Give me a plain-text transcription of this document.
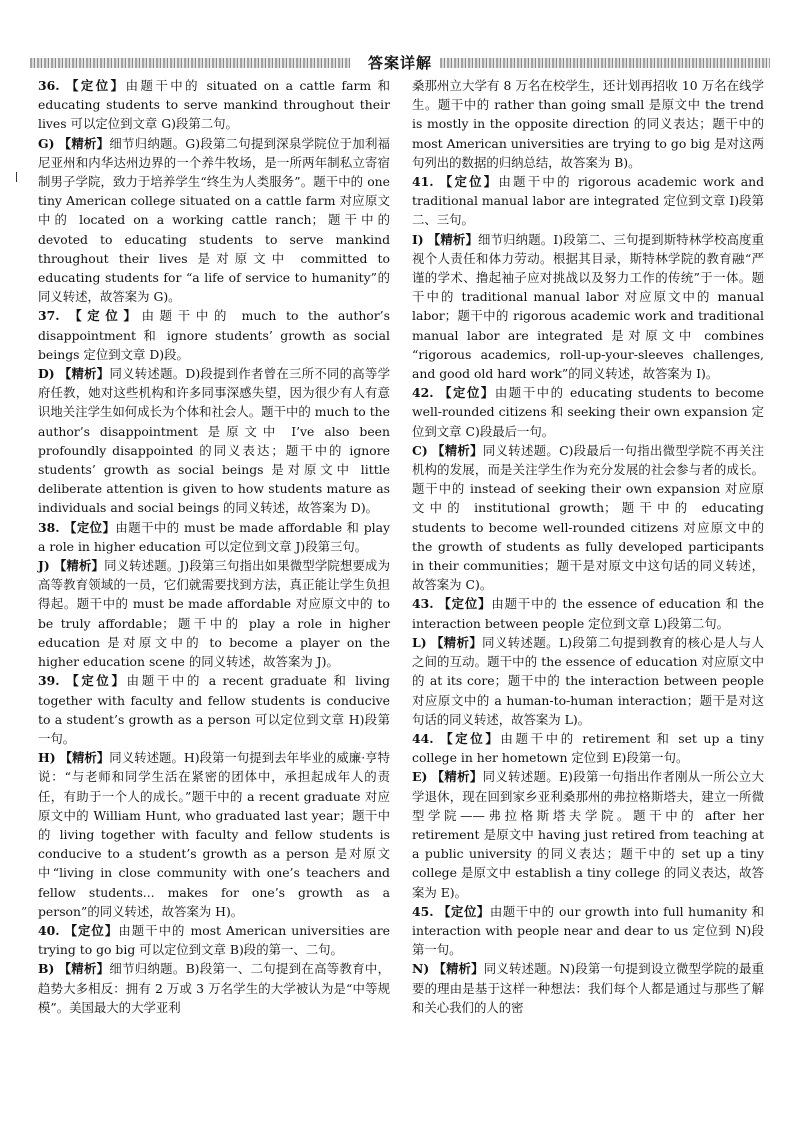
答案详解

36. 【定位】由题干中的 situated on a cattle farm 和 educating students to serve mankind throughout their lives 可以定位到文章 G)段第二句。

G) 【精析】细节归纳题。G)段第二句提到深泉学院位于加利福尼亚州和内华达州边界的一个养牛牧场，是一所两年制私立寄宿制男子学院，致力于培养学生“终生为人类服务”。题干中的 one tiny American college situated on a cattle farm 对应原文中的 located on a working cattle ranch；题干中的 devoted to educating students to serve mankind throughout their lives 是对原文中 committed to educating students for “a life of service to humanity”的同义转述，故答案为 G)。

37. 【定位】由题干中的 much to the author’s disappointment 和 ignore students’ growth as social beings 定位到文章 D)段。

D) 【精析】同义转述题。D)段提到作者曾在三所不同的高等学府任教，她对这些机构和许多同事深感失望，因为很少有人有意识地关注学生如何成长为个体和社会人。题干中的 much to the author’s disappointment 是原文中 I’ve also been profoundly disappointed 的同义表达；题干中的 ignore students’ growth as social beings 是对原文中 little deliberate attention is given to how students mature as individuals and social beings 的同义转述，故答案为 D)。

38. 【定位】由题干中的 must be made affordable 和 play a role in higher education 可以定位到文章 J)段第三句。

J) 【精析】同义转述题。J)段第三句指出如果微型学院想要成为高等教育领域的一员，它们就需要找到方法，真正能让学生负担得起。题干中的 must be made affordable 对应原文中的 to be truly affordable；题干中的 play a role in higher education 是对原文中的 to become a player on the higher education scene 的同义转述，故答案为 J)。

39. 【定位】由题干中的 a recent graduate 和 living together with faculty and fellow students is conducive to a student’s growth as a person 可以定位到文章 H)段第一句。

H) 【精析】同义转述题。H)段第一句提到去年毕业的威廉·亨特说：“与老师和同学生活在紧密的团体中，承担起成年人的责任，有助于一个人的成长。”题干中的 a recent graduate 对应原文中的 William Hunt, who graduated last year；题干中的 living together with faculty and fellow students is conducive to a student’s growth as a person 是对原文中“living in close community with one’s teachers and fellow students... makes for one’s growth as a person”的同义转述，故答案为 H)。

40. 【定位】由题干中的 most American universities are trying to go big 可以定位到文章 B)段的第一、二句。

B) 【精析】细节归纳题。B)段第一、二句提到在高等教育中，趋势大多相反：拥有 2 万或 3 万名学生的大学被认为是“中等规模”。美国最大的大学亚利

桑那州立大学有 8 万名在校学生，还计划再招收 10 万名在线学生。题干中的 rather than going small 是原文中 the trend is mostly in the opposite direction 的同义表达；题干中的 most American universities are trying to go big 是对这两句列出的数据的归纳总结，故答案为 B)。

41. 【定位】由题干中的 rigorous academic work and traditional manual labor are integrated 定位到文章 I)段第二、三句。

I) 【精析】细节归纳题。I)段第二、三句提到斯特林学校高度重视个人责任和体力劳动。根据其目录，斯特林学院的教育融“严谨的学术、撸起袖子应对挑战以及努力工作的传统”于一体。题干中的 traditional manual labor 对应原文中的 manual labor；题干中的 rigorous academic work and traditional manual labor are integrated 是对原文中 combines “rigorous academics, roll-up-your-sleeves challenges, and good old hard work”的同义转述，故答案为 I)。

42. 【定位】由题干中的 educating students to become well-rounded citizens 和 seeking their own expansion 定位到文章 C)段最后一句。

C) 【精析】同义转述题。C)段最后一句指出微型学院不再关注机构的发展，而是关注学生作为充分发展的社会参与者的成长。题干中的 instead of seeking their own expansion 对应原文中的 institutional growth；题干中的 educating students to become well-rounded citizens 对应原文中的 the growth of students as fully developed participants in their communities；题干是对原文中这句话的同义转述，故答案为 C)。

43. 【定位】由题干中的 the essence of education 和 the interaction between people 定位到文章 L)段第二句。

L) 【精析】同义转述题。L)段第二句提到教育的核心是人与人之间的互动。题干中的 the essence of education 对应原文中的 at its core；题干中的 the interaction between people 对应原文中的 a human-to-human interaction；题干是对这句话的同义转述，故答案为 L)。

44. 【定位】由题干中的 retirement 和 set up a tiny college in her hometown 定位到 E)段第一句。

E) 【精析】同义转述题。E)段第一句指出作者刚从一所公立大学退休，现在回到家乡亚利桑那州的弗拉格斯塔夫，建立一所微型学院——弗拉格斯塔夫学院。题干中的 after her retirement 是原文中 having just retired from teaching at a public university 的同义表达；题干中的 set up a tiny college 是原文中 establish a tiny college 的同义表达，故答案为 E)。

45. 【定位】由题干中的 our growth into full humanity 和 interaction with people near and dear to us 定位到 N)段第一句。

N) 【精析】同义转述题。N)段第一句提到设立微型学院的最重要的理由是基于这样一种想法：我们每个人都是通过与那些了解和关心我们的人的密
